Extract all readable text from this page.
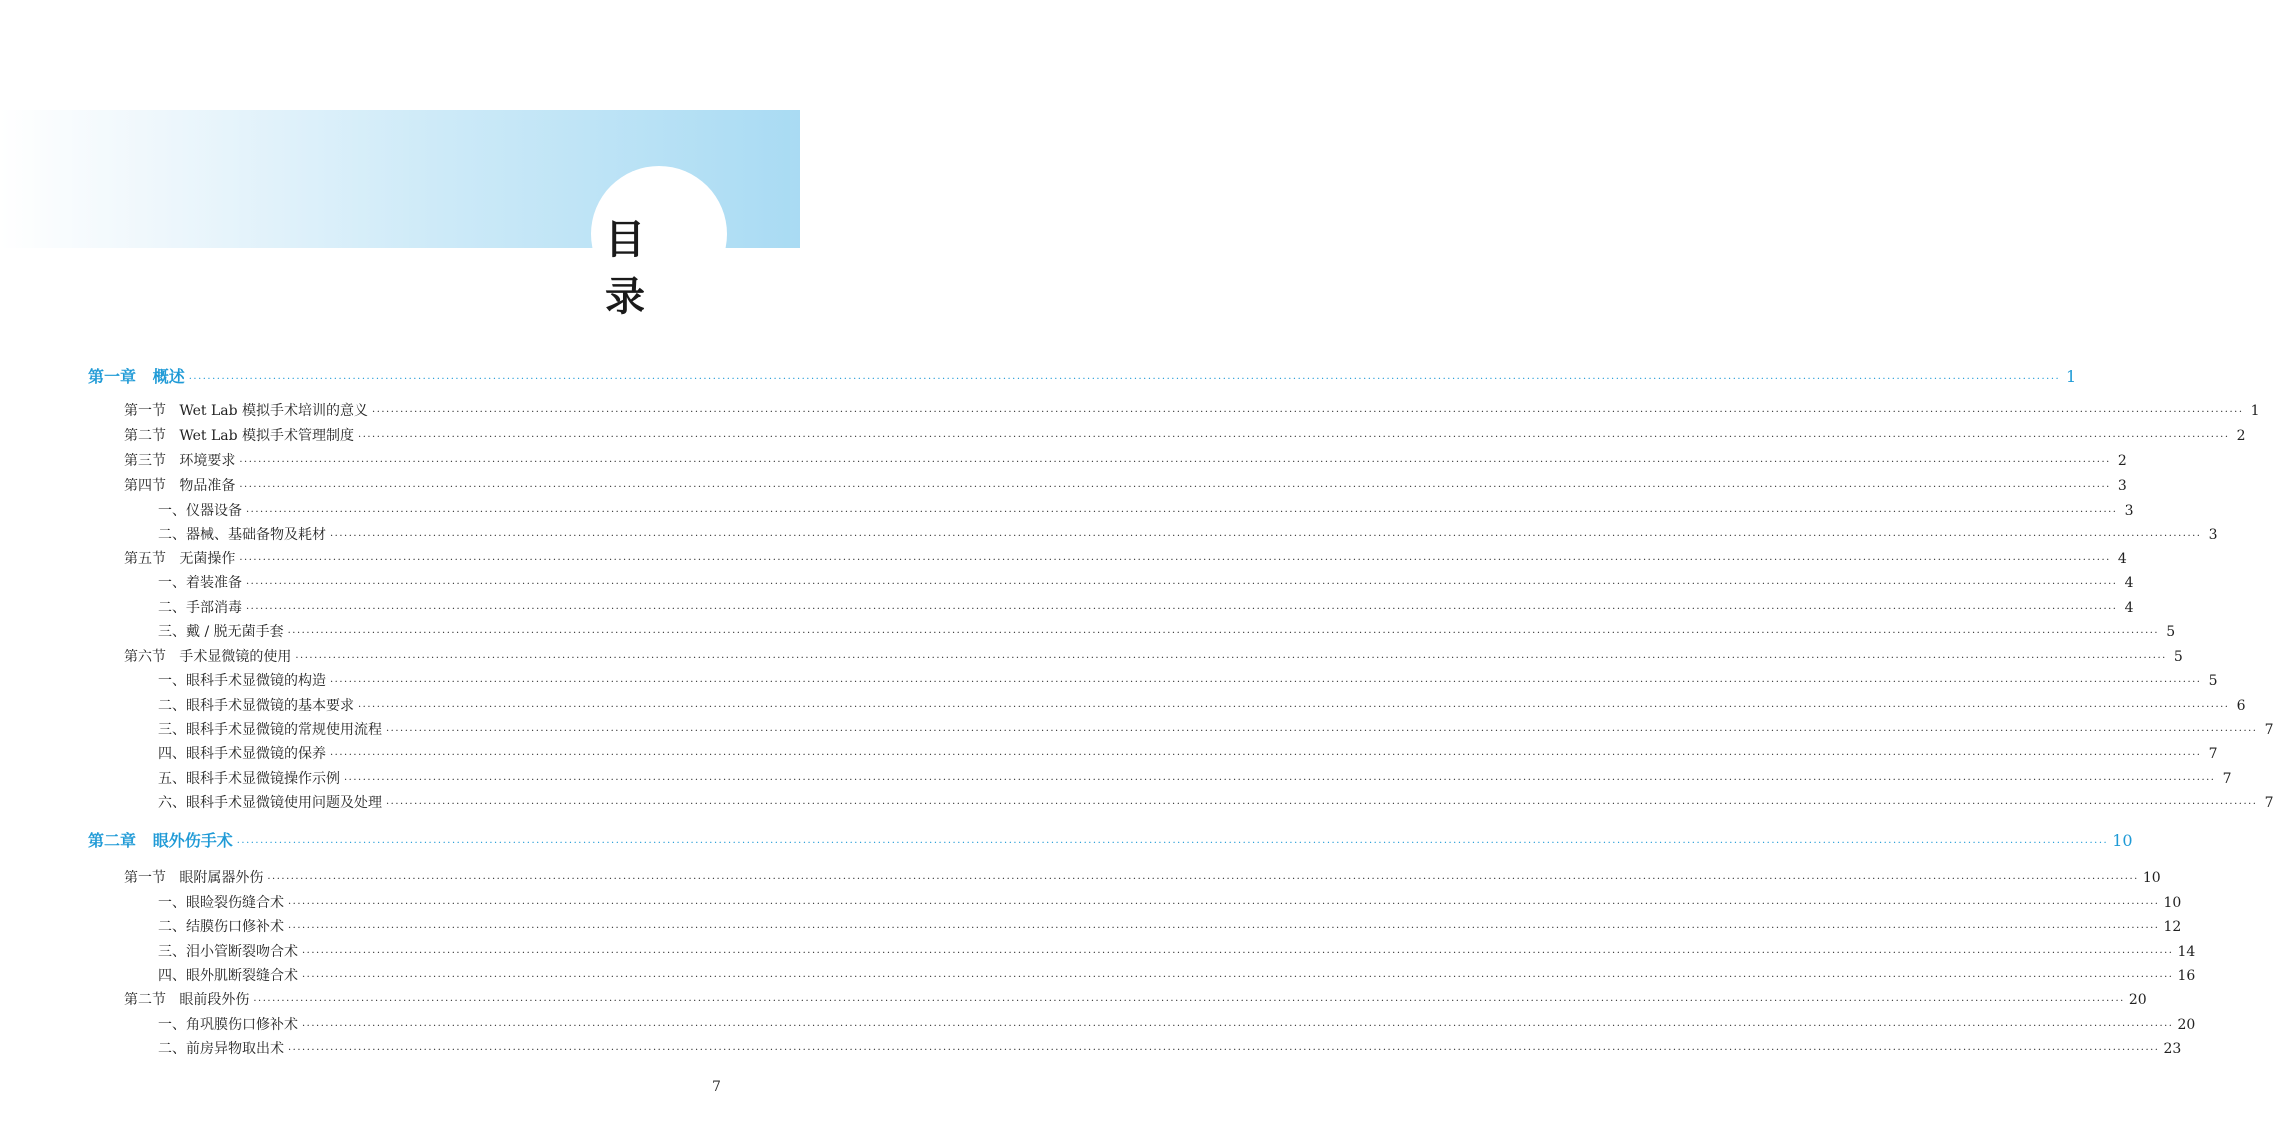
目 录
第一章   概述 ················································································································································································································································································································································································································ 1
第一节   Wet Lab 模拟手术培训的意义 ················································································································································································································································································································································································································ 1
第二节   Wet Lab 模拟手术管理制度 ················································································································································································································································································································································································································ 2
第三节   环境要求 ················································································································································································································································································································································································································ 2
第四节   物品准备 ················································································································································································································································································································································································································ 3
一、仪器设备 ················································································································································································································································································································································································································ 3
二、器械、基础备物及耗材 ················································································································································································································································································································································································································ 3
第五节   无菌操作 ················································································································································································································································································································································································································ 4
一、着装准备 ················································································································································································································································································································································································································ 4
二、手部消毒 ················································································································································································································································································································································································································ 4
三、戴 / 脱无菌手套 ················································································································································································································································································································································································································ 5
第六节   手术显微镜的使用 ················································································································································································································································································································································································································ 5
一、眼科手术显微镜的构造 ················································································································································································································································································································································································································ 5
二、眼科手术显微镜的基本要求 ················································································································································································································································································································································································································ 6
三、眼科手术显微镜的常规使用流程 ················································································································································································································································································································································································································ 7
四、眼科手术显微镜的保养 ················································································································································································································································································································································································································ 7
五、眼科手术显微镜操作示例 ················································································································································································································································································································································································································ 7
六、眼科手术显微镜使用问题及处理 ················································································································································································································································································································································································································ 7
第二章   眼外伤手术 ················································································································································································································································································································································································································ 10
第一节   眼附属器外伤 ················································································································································································································································································································································································································ 10
一、眼睑裂伤缝合术 ················································································································································································································································································································································································································ 10
二、结膜伤口修补术 ················································································································································································································································································································································································································ 12
三、泪小管断裂吻合术 ················································································································································································································································································································································································································ 14
四、眼外肌断裂缝合术 ················································································································································································································································································································································································································ 16
第二节   眼前段外伤 ················································································································································································································································································································································································································ 20
一、角巩膜伤口修补术 ················································································································································································································································································································································································································ 20
二、前房异物取出术 ················································································································································································································································································································································································································ 23
7
